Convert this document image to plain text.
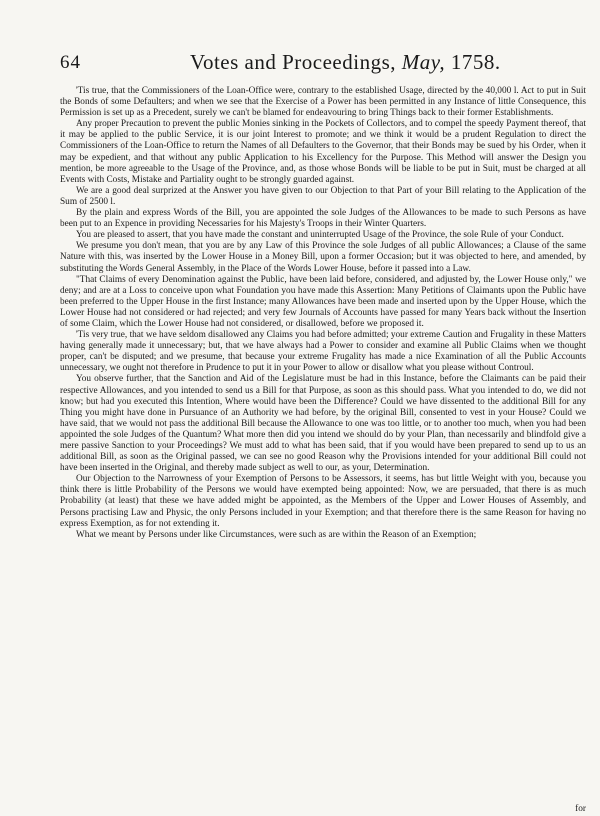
64	Votes and Proceedings, May, 1758.

'Tis true, that the Commissioners of the Loan-Office were, contrary to the established Usage, directed by the 40,000 l. Act to put in Suit the Bonds of some Defaulters; and when we see that the Exercise of a Power has been permitted in any Instance of little Consequence, this Permission is set up as a Precedent, surely we can't be blamed for endeavouring to bring Things back to their former Establishments.

Any proper Precaution to prevent the public Monies sinking in the Pockets of Collectors, and to compel the speedy Payment thereof, that it may be applied to the public Service, it is our joint Interest to promote; and we think it would be a prudent Regulation to direct the Commissioners of the Loan-Office to return the Names of all Defaulters to the Governor, that their Bonds may be sued by his Order, when it may be expedient, and that without any public Application to his Excellency for the Purpose. This Method will answer the Design you mention, be more agreeable to the Usage of the Province, and, as those whose Bonds will be liable to be put in Suit, must be charged at all Events with Costs, Mistake and Partiality ought to be strongly guarded against.

We are a good deal surprized at the Answer you have given to our Objection to that Part of your Bill relating to the Application of the Sum of 2500 l.

By the plain and express Words of the Bill, you are appointed the sole Judges of the Allowances to be made to such Persons as have been put to an Expence in providing Necessaries for his Majesty's Troops in their Winter Quarters.

You are pleased to assert, that you have made the constant and uninterrupted Usage of the Province, the sole Rule of your Conduct.

We presume you don't mean, that you are by any Law of this Province the sole Judges of all public Allowances; a Clause of the same Nature with this, was inserted by the Lower House in a Money Bill, upon a former Occasion; but it was objected to here, and amended, by substituting the Words General Assembly, in the Place of the Words Lower House, before it passed into a Law.

"That Claims of every Denomination against the Public, have been laid before, considered, and adjusted by, the Lower House only," we deny; and are at a Loss to conceive upon what Foundation you have made this Assertion: Many Petitions of Claimants upon the Public have been preferred to the Upper House in the first Instance; many Allowances have been made and inserted upon by the Upper House, which the Lower House had not considered or had rejected; and very few Journals of Accounts have passed for many Years back without the Insertion of some Claim, which the Lower House had not considered, or disallowed, before we proposed it.

'Tis very true, that we have seldom disallowed any Claims you had before admitted; your extreme Caution and Frugality in these Matters having generally made it unnecessary; but, that we have always had a Power to consider and examine all Public Claims when we thought proper, can't be disputed; and we presume, that because your extreme Frugality has made a nice Examination of all the Public Accounts unnecessary, we ought not therefore in Prudence to put it in your Power to allow or disallow what you please without Controul.

You observe further, that the Sanction and Aid of the Legislature must be had in this Instance, before the Claimants can be paid their respective Allowances, and you intended to send us a Bill for that Purpose, as soon as this should pass. What you intended to do, we did not know; but had you executed this Intention, Where would have been the Difference? Could we have dissented to the additional Bill for any Thing you might have done in Pursuance of an Authority we had before, by the original Bill, consented to vest in your House? Could we have said, that we would not pass the additional Bill because the Allowance to one was too little, or to another too much, when you had been appointed the sole Judges of the Quantum? What more then did you intend we should do by your Plan, than necessarily and blindfold give a mere passive Sanction to your Proceedings? We must add to what has been said, that if you would have been prepared to send up to us an additional Bill, as soon as the Original passed, we can see no good Reason why the Provisions intended for your additional Bill could not have been inserted in the Original, and thereby made subject as well to our, as your, Determination.

Our Objection to the Narrowness of your Exemption of Persons to be Assessors, it seems, has but little Weight with you, because you think there is little Probability of the Persons we would have exempted being appointed: Now, we are persuaded, that there is as much Probability (at least) that these we have added might be appointed, as the Members of the Upper and Lower Houses of Assembly, and Persons practising Law and Physic, the only Persons included in your Exemption; and that therefore there is the same Reason for having no express Exemption, as for not extending it.

What we meant by Persons under like Circumstances, were such as are within the Reason of an Exemption;

for
